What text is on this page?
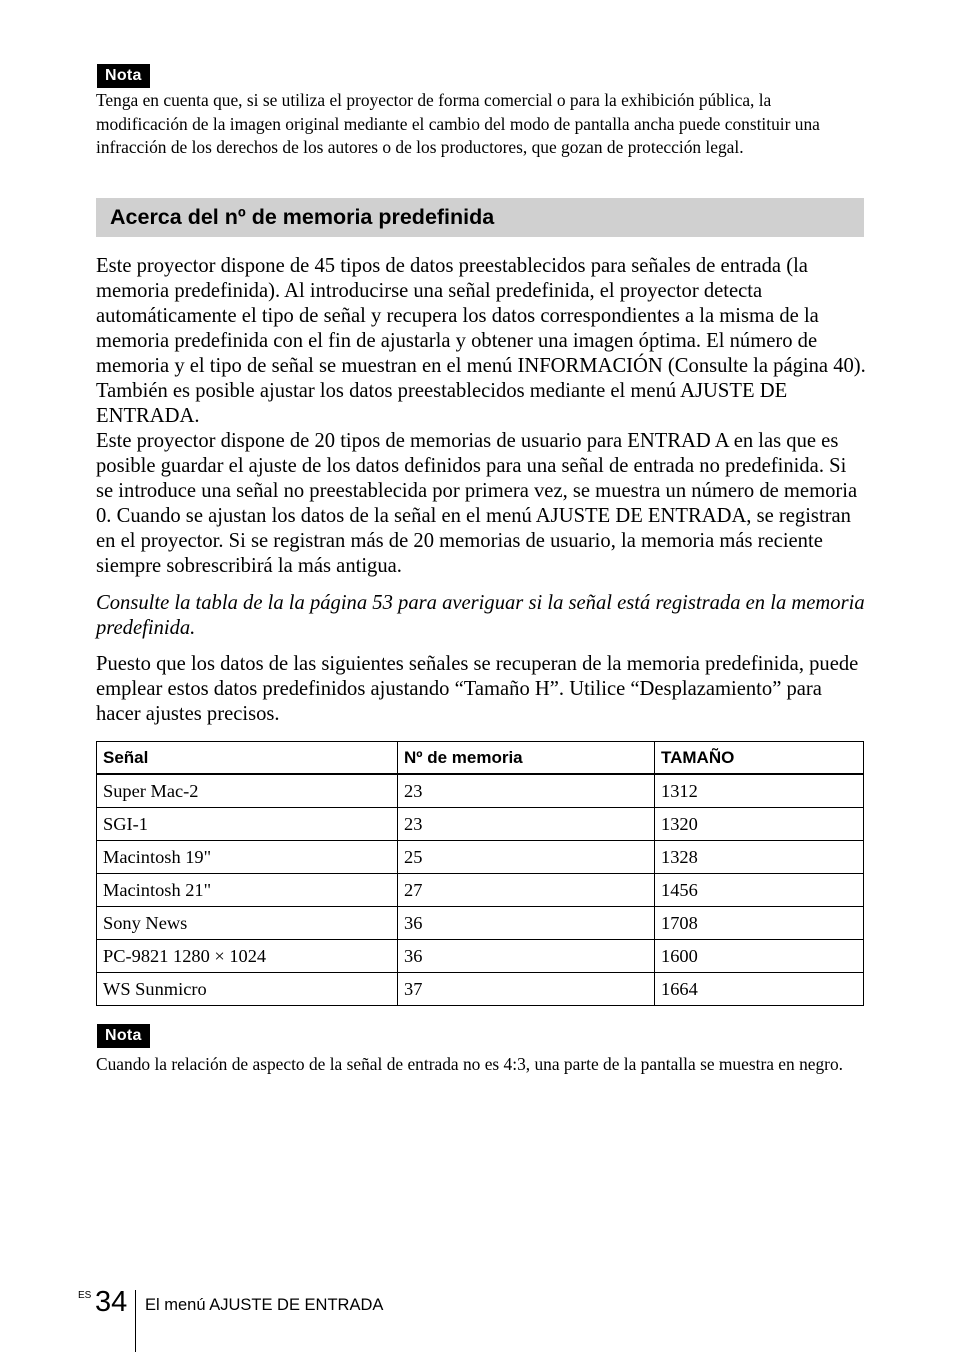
Nota
Tenga en cuenta que, si se utiliza el proyector de forma comercial o para la exhibición pública, la modificación de la imagen original mediante el cambio del modo de pantalla ancha puede constituir una infracción de los derechos de los autores o de los productores, que gozan de protección legal.
Acerca del nº de memoria predefinida

Este proyector dispone de 45 tipos de datos preestablecidos para señales de entrada (la memoria predefinida). Al introducirse una señal predefinida, el proyector detecta automáticamente el tipo de señal y recupera los datos correspondientes a la misma de la memoria predefinida con el fin de ajustarla y obtener una imagen óptima. El número de memoria y el tipo de señal se muestran en el menú INFORMACIÓN (Consulte la página 40). También es posible ajustar los datos preestablecidos mediante el menú AJUSTE DE ENTRADA.

Este proyector dispone de 20 tipos de memorias de usuario para ENTRAD A en las que es posible guardar el ajuste de los datos definidos para una señal de entrada no predefinida. Si se introduce una señal no preestablecida por primera vez, se muestra un número de memoria 0. Cuando se ajustan los datos de la señal en el menú AJUSTE DE ENTRADA, se registran en el proyector. Si se registran más de 20 memorias de usuario, la memoria más reciente siempre sobrescribirá la más antigua.

Consulte la tabla de la la página 53 para averiguar si la señal está registrada en la memoria predefinida.

Puesto que los datos de las siguientes señales se recuperan de la memoria predefinida, puede emplear estos datos predefinidos ajustando “Tamaño H”. Utilice “Desplazamiento” para hacer ajustes precisos.

Señal	Nº de memoria	TAMAÑO
Super Mac-2	23	1312
SGI-1	23	1320
Macintosh 19"	25	1328
Macintosh 21"	27	1456
Sony News	36	1708
PC-9821 1280 × 1024	36	1600
WS Sunmicro	37	1664
Nota
Cuando la relación de aspecto de la señal de entrada no es 4:3, una parte de la pantalla se muestra en negro.
ES 34 El menú AJUSTE DE ENTRADA
